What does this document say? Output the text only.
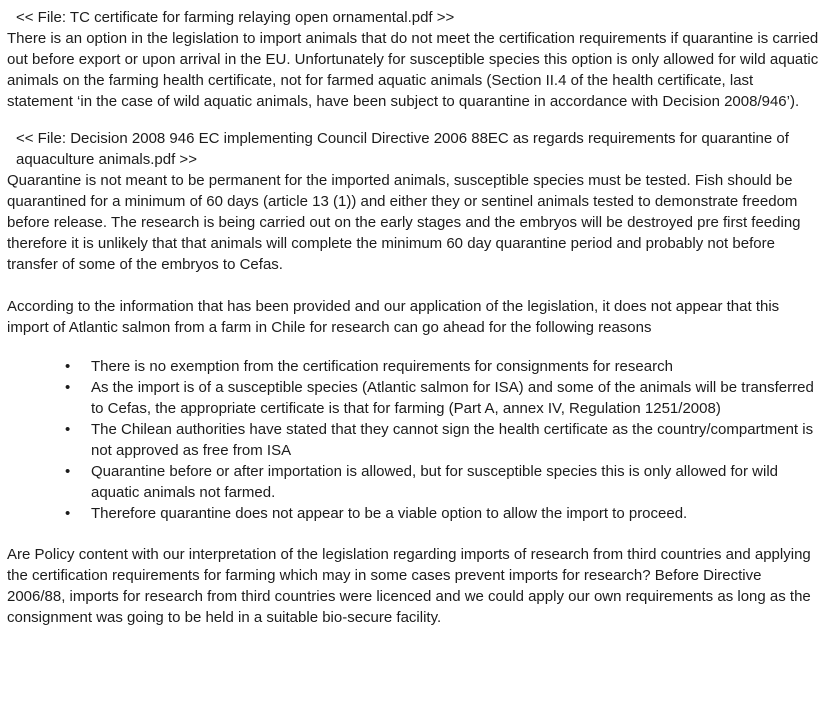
<< File: TC certificate for farming relaying open ornamental.pdf >>

There is an option in the legislation to import animals that do not meet the certification requirements if quarantine is carried out before export or upon arrival in the EU. Unfortunately for susceptible species this option is only allowed for wild aquatic animals on the farming health certificate, not for farmed aquatic animals (Section II.4 of the health certificate, last statement ‘in the case of wild aquatic animals, have been subject to quarantine in accordance with Decision 2008/946’).

<< File: Decision 2008 946 EC implementing Council Directive 2006 88EC as regards requirements for quarantine of aquaculture animals.pdf >>

Quarantine is not meant to be permanent for the imported animals, susceptible species must be tested. Fish should be quarantined for a minimum of 60 days (article 13 (1)) and either they or sentinel animals tested to demonstrate freedom before release. The research is being carried out on the early stages and the embryos will be destroyed pre first feeding therefore it is unlikely that that animals will complete the minimum 60 day quarantine period and probably not before transfer of some of the embryos to Cefas.

According to the information that has been provided and our application of the legislation, it does not appear that this import of Atlantic salmon from a farm in Chile for research can go ahead for the following reasons

• There is no exemption from the certification requirements for consignments for research
• As the import is of a susceptible species (Atlantic salmon for ISA) and some of the animals will be transferred to Cefas, the appropriate certificate is that for farming (Part A, annex IV, Regulation 1251/2008)
• The Chilean authorities have stated that they cannot sign the health certificate as the country/compartment is not approved as free from ISA
• Quarantine before or after importation is allowed, but for susceptible species this is only allowed for wild aquatic animals not farmed.
• Therefore quarantine does not appear to be a viable option to allow the import to proceed.

Are Policy content with our interpretation of the legislation regarding imports of research from third countries and applying the certification requirements for farming which may in some cases prevent imports for research? Before Directive 2006/88, imports for research from third countries were licenced and we could apply our own requirements as long as the consignment was going to be held in a suitable bio-secure facility.
